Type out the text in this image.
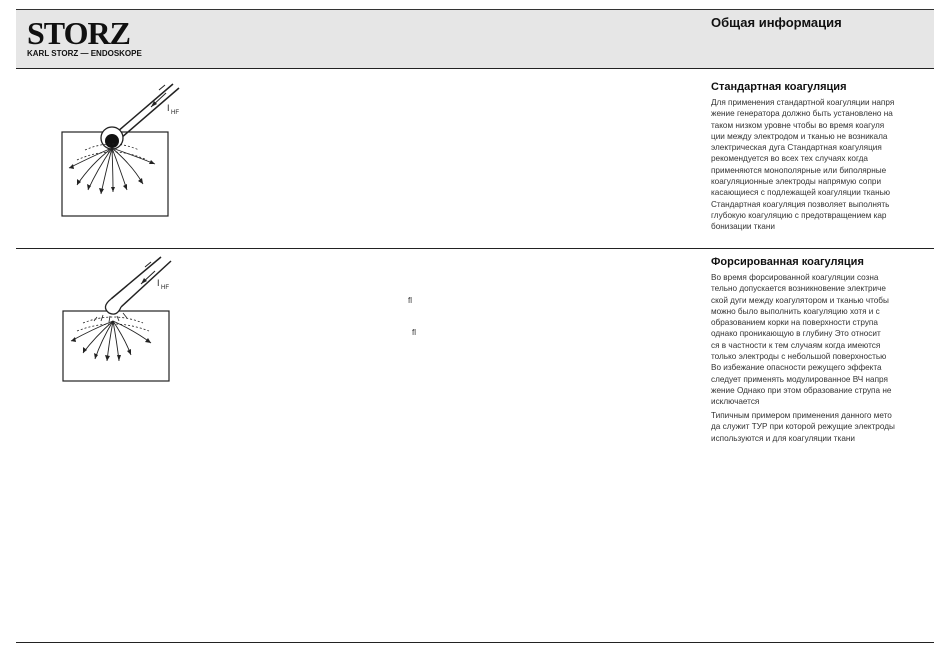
STORZ
KARL STORZ — ENDOSKOPE
Общая информация
I HF
Стандартная коагуляция
Для применения стандартной коагуляции напря
жение генератора должно быть установлено на
таком низком уровне чтобы во время коагуля
ции между электродом и тканью не возникала
электрическая дуга Стандартная коагуляция
рекомендуется во всех тех случаях когда
применяются монополярные или биполярные
коагуляционные электроды напрямую сопри
касающиеся с подлежащей коагуляции тканью
Стандартная коагуляция позволяет выполнять
глубокую коагуляцию с предотвращением кар
бонизации ткани
I HF
ﬂ
ﬂ
Форсированная коагуляция
Во время форсированной коагуляции созна
тельно допускается возникновение электриче
ской дуги между коагулятором и тканью чтобы
можно было выполнить коагуляцию хотя и с
образованием корки на поверхности струпа
однако проникающую в глубину Это относит
ся в частности к тем случаям когда имеются
только электроды с небольшой поверхностью
Во избежание опасности режущего эффекта
следует применять модулированное ВЧ напря
жение Однако при этом образование струпа не
исключается
Типичным примером применения данного мето
да служит ТУР при которой режущие электроды
используются и для коагуляции ткани
